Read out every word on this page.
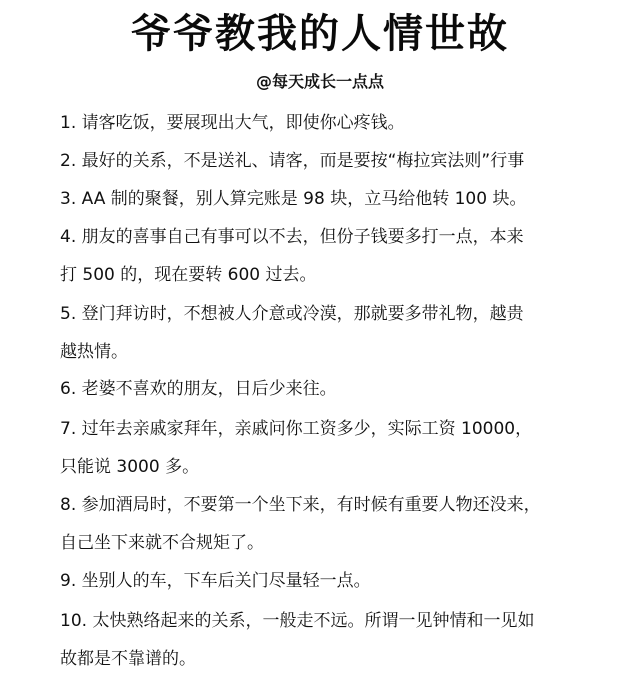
爷爷教我的人情世故
@每天成长一点点
1. 请客吃饭，要展现出大气，即使你心疼钱。
2. 最好的关系，不是送礼、请客，而是要按“梅拉宾法则”行事
3. AA 制的聚餐，别人算完账是 98 块，立马给他转 100 块。
4. 朋友的喜事自己有事可以不去，但份子钱要多打一点，本来
打 500 的，现在要转 600 过去。
5. 登门拜访时，不想被人介意或冷漠，那就要多带礼物，越贵
越热情。
6. 老婆不喜欢的朋友，日后少来往。
7. 过年去亲戚家拜年，亲戚问你工资多少，实际工资 10000，
只能说 3000 多。
8. 参加酒局时，不要第一个坐下来，有时候有重要人物还没来，
自己坐下来就不合规矩了。
9. 坐别人的车，下车后关门尽量轻一点。
10. 太快熟络起来的关系，一般走不远。所谓一见钟情和一见如
故都是不靠谱的。
